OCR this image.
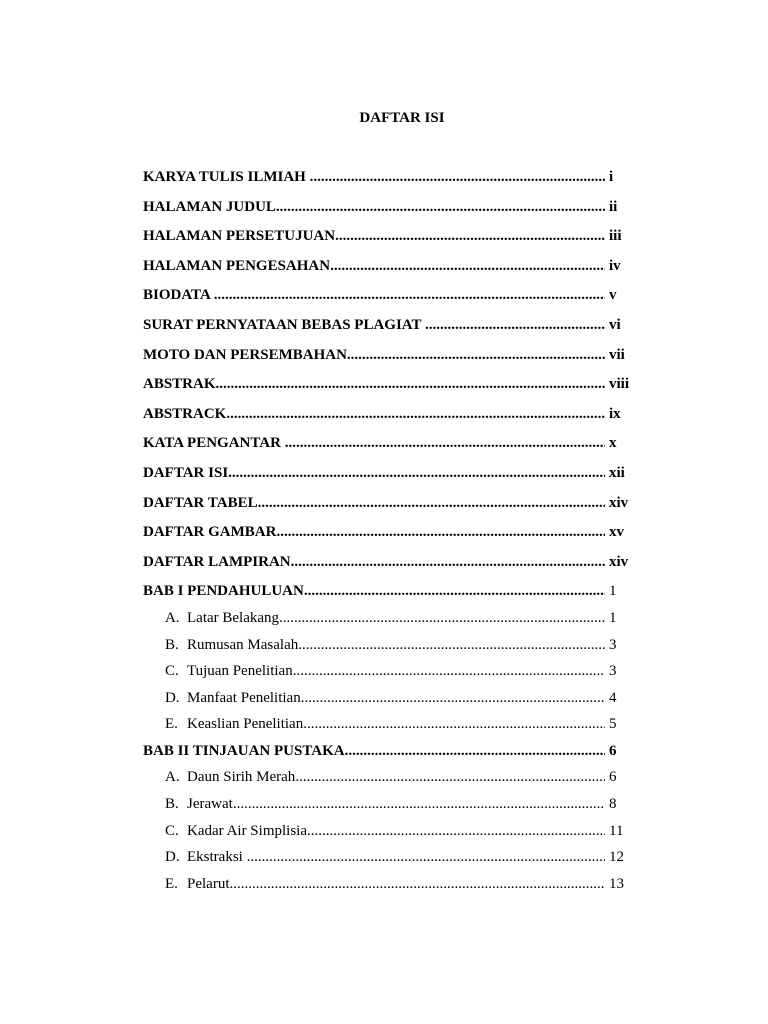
DAFTAR ISI
KARYA TULIS ILMIAH .....	i
HALAMAN JUDUL .....	ii
HALAMAN PERSETUJUAN .....	iii
HALAMAN PENGESAHAN .....	iv
BIODATA .....	v
SURAT PERNYATAAN BEBAS PLAGIAT .....	vi
MOTO DAN PERSEMBAHAN .....	vii
ABSTRAK .....	viii
ABSTRACK .....	ix
KATA PENGANTAR .....	x
DAFTAR ISI .....	xii
DAFTAR TABEL .....	xiv
DAFTAR GAMBAR .....	xv
DAFTAR LAMPIRAN .....	xiv
BAB I PENDAHULUAN .....	1
A. Latar Belakang .....	1
B. Rumusan Masalah .....	3
C. Tujuan Penelitian .....	3
D. Manfaat Penelitian .....	4
E. Keaslian Penelitian .....	5
BAB II TINJAUAN PUSTAKA .....	6
A. Daun Sirih Merah .....	6
B. Jerawat .....	8
C. Kadar Air Simplisia .....	11
D. Ekstraksi .....	12
E. Pelarut .....	13
